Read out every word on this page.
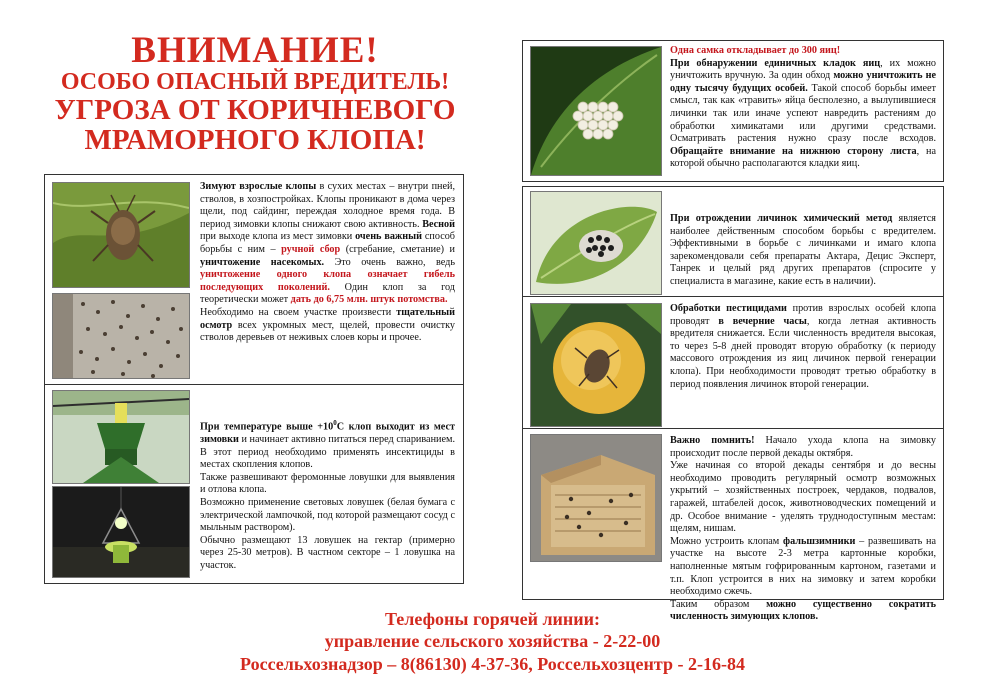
ВНИМАНИЕ!
ОСОБО ОПАСНЫЙ ВРЕДИТЕЛЬ!
УГРОЗА ОТ КОРИЧНЕВОГО
МРАМОРНОГО КЛОПА!

Зимуют взрослые клопы в сухих местах – внутри пней, стволов, в хозпостройках. Клопы проникают в дома через щели, под сайдинг, переждая холодное время года. В период зимовки клопы снижают свою активность. Весной при выходе клопа из мест зимовки очень важный способ борьбы с ним – ручной сбор (сгребание, сметание) и уничтожение насекомых. Это очень важно, ведь уничтожение одного клопа означает гибель последующих поколений. Один клоп за год теоретически может дать до 6,75 млн. штук потомства.

Необходимо на своем участке произвести тщательный осмотр всех укромных мест, щелей, провести очистку стволов деревьев от неживых слоев коры и прочее.

При температуре выше $+10^0С$ клоп выходит из мест зимовки и начинает активно питаться перед спариванием. В этот период необходимо применять инсектициды в местах скопления клопов.

Также развешивают феромонные ловушки для выявления и отлова клопа.

Возможно применение световых ловушек (белая бумага с электрической лампочкой, под которой размещают сосуд с мыльным раствором).

Обычно размещают 13 ловушек на гектар (примерно через 25-30 метров). В частном секторе – 1 ловушка на участок.

Одна самка откладывает до 300 яиц!

При обнаружении единичных кладок яиц, их можно уничтожить вручную. За один обход можно уничтожить не одну тысячу будущих особей. Такой способ борьбы имеет смысл, так как «травить» яйца бесполезно, а вылупившиеся личинки так или иначе успеют навредить растениям до обработки химикатами или другими средствами. Осматривать растения нужно сразу после всходов. Обращайте внимание на нижнюю сторону листа, на которой обычно располагаются кладки яиц.

При отрождении личинок химический метод является наиболее действенным способом борьбы с вредителем. Эффективными в борьбе с личинками и имаго клопа зарекомендовали себя препараты Актара, Децис Эксперт, Танрек и целый ряд других препаратов (спросите у специалиста в магазине, какие есть в наличии).

Обработки пестицидами против взрослых особей клопа проводят в вечерние часы, когда летная активность вредителя снижается. Если численность вредителя высокая, то через 5-8 дней проводят вторую обработку (к периоду массового отрождения из яиц личинок первой генерации клопа). При необходимости проводят третью обработку в период появления личинок второй генерации.

Важно помнить! Начало ухода клопа на зимовку происходит после первой декады октября.

Уже начиная со второй декады сентября и до весны необходимо проводить регулярный осмотр возможных укрытий – хозяйственных построек, чердаков, подвалов, гаражей, штабелей досок, животноводческих помещений и др. Особое внимание - уделять труднодоступным местам: щелям, нишам.

Можно устроить клопам фальшзимники – развешивать на участке на высоте 2-3 метра картонные коробки, наполненные мятым гофрированным картоном, газетами и т.п. Клоп устроится в них на зимовку и затем коробки необходимо сжечь.

Таким образом можно существенно сократить численность зимующих клопов.

Телефоны горячей линии:
управление сельского хозяйства - 2-22-00
Россельхознадзор – 8(86130) 4-37-36, Россельхозцентр - 2-16-84
